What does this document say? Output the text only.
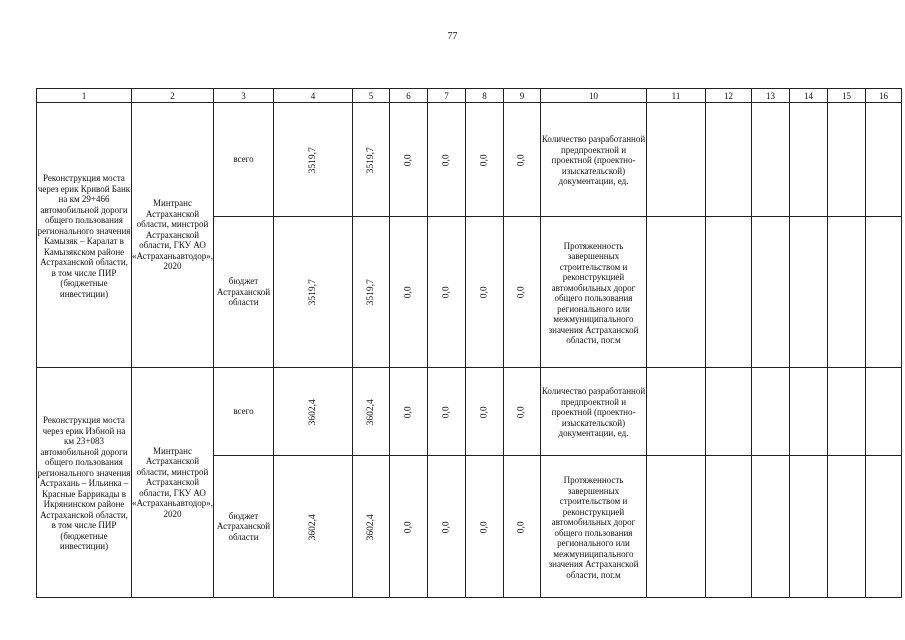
77
1	2	3	4	5	6	7	8	9	10	11	12	13	14	15	16

Реконструкция моста через ерик Кривой Банк на км 29+466 автомобильной дороги общего пользования регионального значения Камызяк – Каралат в Камызякском районе Астраханской области, в том числе ПИР (бюджетные инвестиции)	Минтранс Астраханской области, минстрой Астраханской области, ГКУ АО «Астраханьавтодор», 2020	всего	3519,7	3519,7	0,0	0,0	0,0	0,0	Количество разработанной предпроектной и проектной (проектно-изыскательской) документации, ед.						

		бюджет Астраханской области	3519,7	3519,7	0,0	0,0	0,0	0,0	Протяженность завершенных строительством и реконструкцией автомобильных дорог общего пользования регионального или межмуниципального значения Астраханской области, пог.м						

Реконструкция моста через ерик Избной на км 23+083 автомобильной дороги общего пользования регионального значения Астрахань – Ильинка – Красные Баррикады в Икрянинском районе Астраханской области, в том числе ПИР (бюджетные инвестиции)	Минтранс Астраханской области, минстрой Астраханской области, ГКУ АО «Астраханьавтодор», 2020	всего	3602,4	3602,4	0,0	0,0	0,0	0,0	Количество разработанной предпроектной и проектной (проектно-изыскательской) документации, ед.						

		бюджет Астраханской области	3602,4	3602,4	0,0	0,0	0,0	0,0	Протяженность завершенных строительством и реконструкцией автомобильных дорог общего пользования регионального или межмуниципального значения Астраханской области, пог.м						
